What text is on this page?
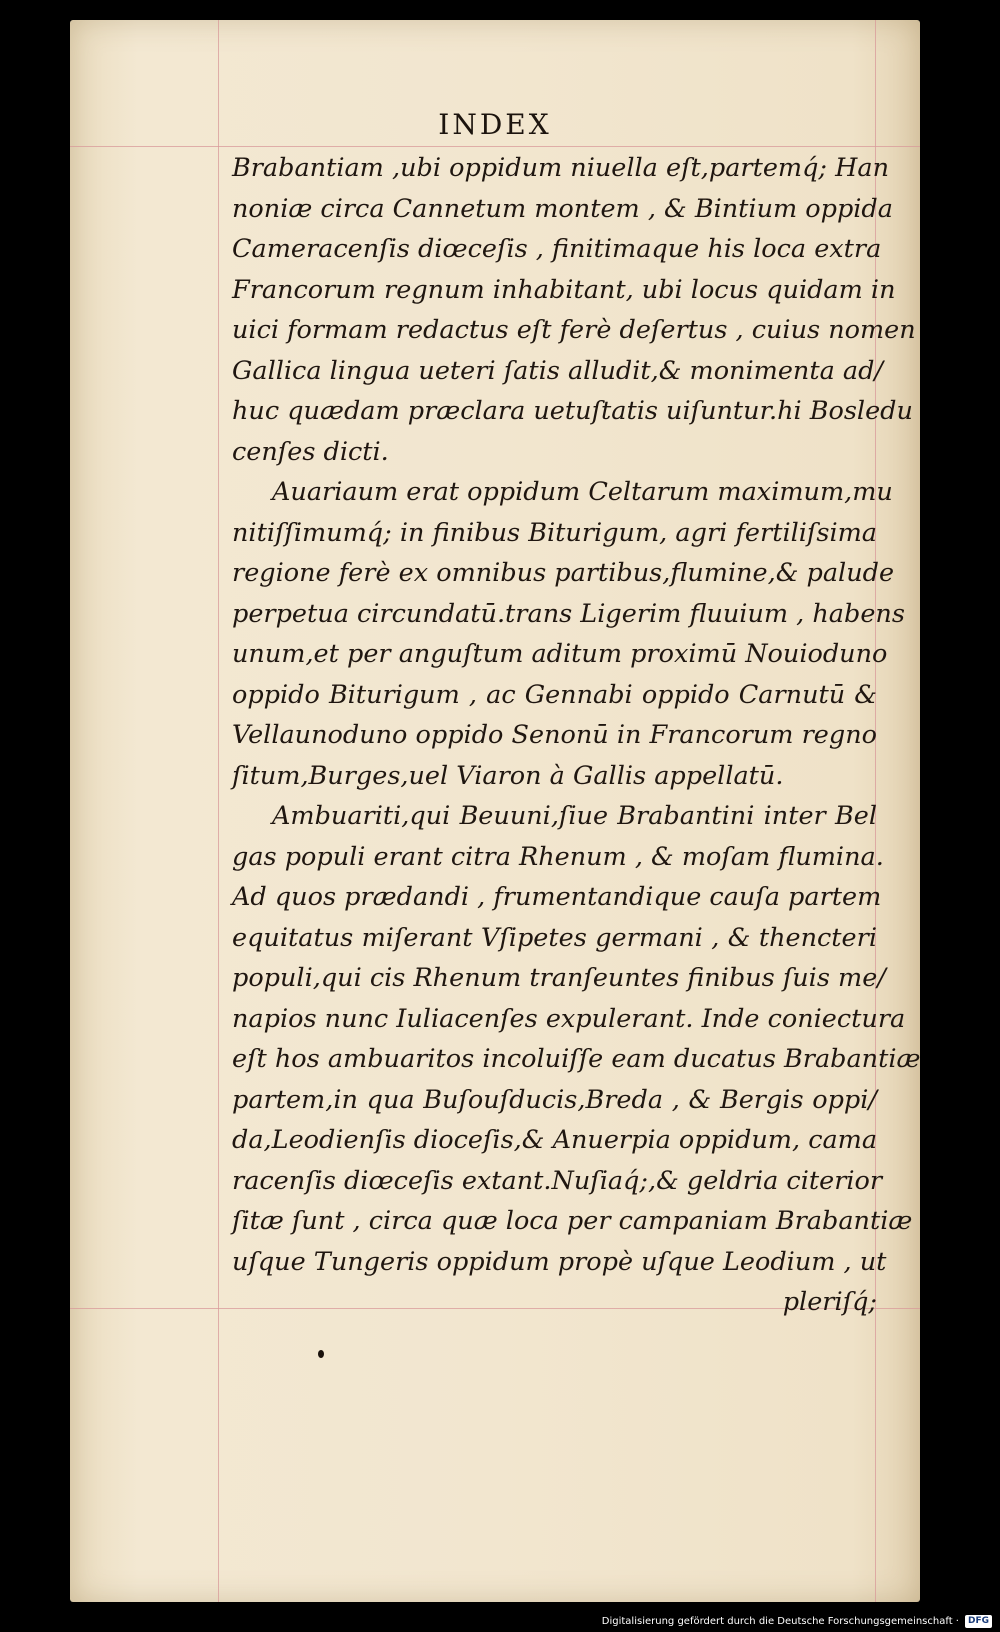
INDEX
Brabantiam ,ubi oppidum niuella eſt,partemq́; Han
noniæ circa Cannetum montem , & Bintium oppida
Cameracenſis diœceſis , finitimaque his loca extra
Francorum regnum inhabitant, ubi locus quidam in
uici formam redactus eſt ferè deſertus , cuius nomen
Gallica lingua ueteri ſatis alludit,& monimenta ad/
huc quædam præclara uetuſtatis uiſuntur.hi Bosledu
cenſes dicti.
Auariaum erat oppidum Celtarum maximum,mu
nitiſſimumq́; in finibus Biturigum, agri fertiliſsima
regione ferè ex omnibus partibus,flumine,& palude
perpetua circundatū.trans Ligerim fluuium , habens
unum,et per anguſtum aditum proximū Nouioduno
oppido Biturigum , ac Gennabi oppido Carnutū &
Vellaunoduno oppido Senonū in Francorum regno
ſitum,Burges,uel Viaron à Gallis appellatū.
Ambuariti,qui Beuuni,ſiue Brabantini inter Bel
gas populi erant citra Rhenum , & moſam flumina.
Ad quos prædandi , frumentandique cauſa partem
equitatus miſerant Vſipetes germani , & thencteri
populi,qui cis Rhenum tranſeuntes finibus ſuis me/
napios nunc Iuliacenſes expulerant. Inde coniectura
eſt hos ambuaritos incoluiſſe eam ducatus Brabantiæ
partem,in qua Buſouſducis,Breda , & Bergis oppi/
da,Leodienſis dioceſis,& Anuerpia oppidum, cama
racenſis diœceſis extant.Nuſiaq́;,& geldria citerior
ſitæ ſunt , circa quæ loca per campaniam Brabantiæ
uſque Tungeris oppidum propè uſque Leodium , ut
pleriſq́;
Digitalisierung gefördert durch die Deutsche Forschungsgemeinschaft ·	DFG
